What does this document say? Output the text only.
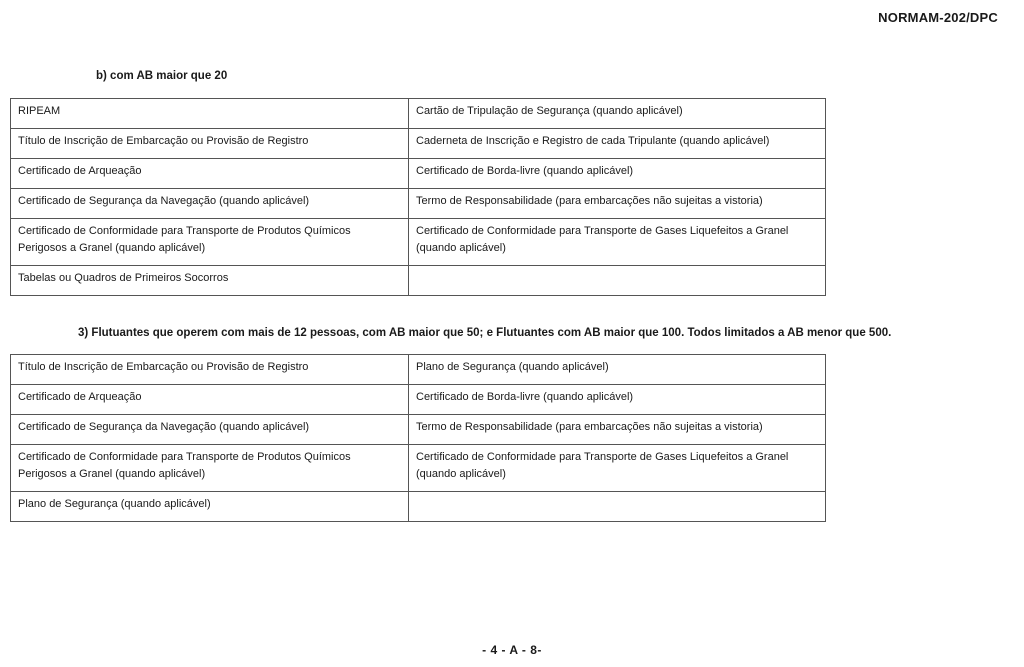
NORMAM-202/DPC
b) com AB maior que 20
RIPEAM	Cartão de Tripulação de Segurança (quando aplicável)
Título de Inscrição de Embarcação ou Provisão de Registro	Caderneta de Inscrição e Registro de cada Tripulante (quando aplicável)
Certificado de Arqueação	Certificado de Borda-livre (quando aplicável)
Certificado de Segurança da Navegação (quando aplicável)	Termo de Responsabilidade (para embarcações não sujeitas a vistoria)
Certificado de Conformidade para Transporte de Produtos Químicos Perigosos a Granel (quando aplicável)	Certificado de Conformidade para Transporte de Gases Liquefeitos a Granel (quando aplicável)
Tabelas ou Quadros de Primeiros Socorros	
3) Flutuantes que operem com mais de 12 pessoas, com AB maior que 50; e Flutuantes com AB maior que 100. Todos limitados a AB menor que 500.
Título de Inscrição de Embarcação ou Provisão de Registro	Plano de Segurança (quando aplicável)
Certificado de Arqueação	Certificado de Borda-livre (quando aplicável)
Certificado de Segurança da Navegação (quando aplicável)	Termo de Responsabilidade (para embarcações não sujeitas a vistoria)
Certificado de Conformidade para Transporte de Produtos Químicos Perigosos a Granel (quando aplicável)	Certificado de Conformidade para Transporte de Gases Liquefeitos a Granel (quando aplicável)
Plano de Segurança (quando aplicável)	
- 4 - A - 8-
